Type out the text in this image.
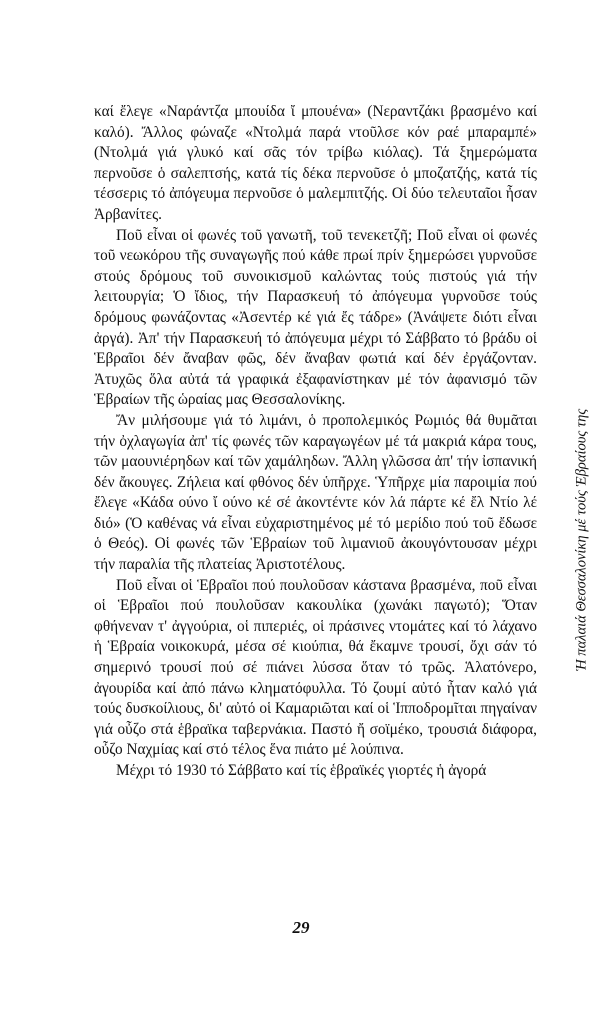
καί ἔλεγε «Ναράντζα μπουίδα ἴ μπουένα» (Νεραντζάκι βρασμένο καί καλό). Ἄλλος φώναζε «Ντολμά παρά ντοῦλσε κόν ραέ μπαραμπέ» (Ντολμά γιά γλυκό καί σᾶς τόν τρίβω κιόλας). Τά ξημερώματα περνοῦσε ὁ σαλεπτσής, κατά τίς δέκα περνοῦσε ὁ μποζατζής, κατά τίς τέσσερις τό ἀπόγευμα περνοῦσε ὁ μαλεμπιτζής. Οἱ δύο τελευταῖοι ἦσαν Ἀρβανίτες.

Ποῦ εἶναι οἱ φωνές τοῦ γανωτῆ, τοῦ τενεκετζῆ; Ποῦ εἶναι οἱ φωνές τοῦ νεωκόρου τῆς συναγωγῆς πού κάθε πρωί πρίν ξημερώσει γυρνοῦσε στούς δρόμους τοῦ συνοικισμοῦ καλώντας τούς πιστούς γιά τήν λειτουργία; Ὁ ἴδιος, τήν Παρασκευή τό ἀπόγευμα γυρνοῦσε τούς δρόμους φωνάζοντας «Ἀσεντέρ κέ γιά ἔς τάδρε» (Ἀνάψετε διότι εἶναι ἀργά). Ἀπ' τήν Παρασκευή τό ἀπόγευμα μέχρι τό Σάββατο τό βράδυ οἱ Ἑβραῖοι δέν ἄναβαν φῶς, δέν ἄναβαν φωτιά καί δέν ἐργάζονταν. Ἀτυχῶς ὅλα αὐτά τά γραφικά ἐξαφανίστηκαν μέ τόν ἀφανισμό τῶν Ἑβραίων τῆς ὡραίας μας Θεσσαλονίκης.

Ἄν μιλήσουμε γιά τό λιμάνι, ὁ προπολεμικός Ρωμιός θά θυμᾶται τήν ὀχλαγωγία ἀπ' τίς φωνές τῶν καραγωγέων μέ τά μακριά κάρα τους, τῶν μαουνιέρηδων καί τῶν χαμάληδων. Ἄλλη γλῶσσα ἀπ' τήν ἰσπανική δέν ἄκουγες. Ζήλεια καί φθόνος δέν ὑπῆρχε. Ὑπῆρχε μία παροιμία πού ἔλεγε «Κάδα ούνο ἴ ούνο κέ σέ ἀκοντέντε κόν λά πάρτε κέ ἔλ Ντίο λέ διό» (Ὁ καθένας νά εἶναι εὐχαριστημένος μέ τό μερίδιο πού τοῦ ἔδωσε ὁ Θεός). Οἱ φωνές τῶν Ἑβραίων τοῦ λιμανιοῦ ἀκουγόντουσαν μέχρι τήν παραλία τῆς πλατείας Ἀριστοτέλους.

Ποῦ εἶναι οἱ Ἑβραῖοι πού πουλοῦσαν κάστανα βρασμένα, ποῦ εἶναι οἱ Ἑβραῖοι πού πουλοῦσαν κακουλίκα (χωνάκι παγωτό); Ὅταν φθήνεναν τ' ἀγγούρια, οἱ πιπεριές, οἱ πράσινες ντομάτες καί τό λάχανο ἡ Ἑβραία νοικοκυρά, μέσα σέ κιούπια, θά ἔκαμνε τρουσί, ὄχι σάν τό σημερινό τρουσί πού σέ πιάνει λύσσα ὅταν τό τρῶς. Ἁλατόνερο, ἀγουρίδα καί ἀπό πάνω κληματόφυλλα. Τό ζουμί αὐτό ἦταν καλό γιά τούς δυσκοίλιους, δι' αὐτό οἱ Καμαριῶται καί οἱ Ἱπποδρομῖται πηγαίναν γιά οὖζο στά ἑβραϊκα ταβερνάκια. Παστό ἤ σοϊμέκο, τρουσιά διάφορα, οὖζο Ναχμίας καί στό τέλος ἕνα πιάτο μέ λούπινα.

Μέχρι τό 1930 τό Σάββατο καί τίς ἑβραϊκές γιορτές ἡ ἀγορά

29
Ἡ παλαιά Θεσσαλονίκη μέ τούς Ἑβραίους της
